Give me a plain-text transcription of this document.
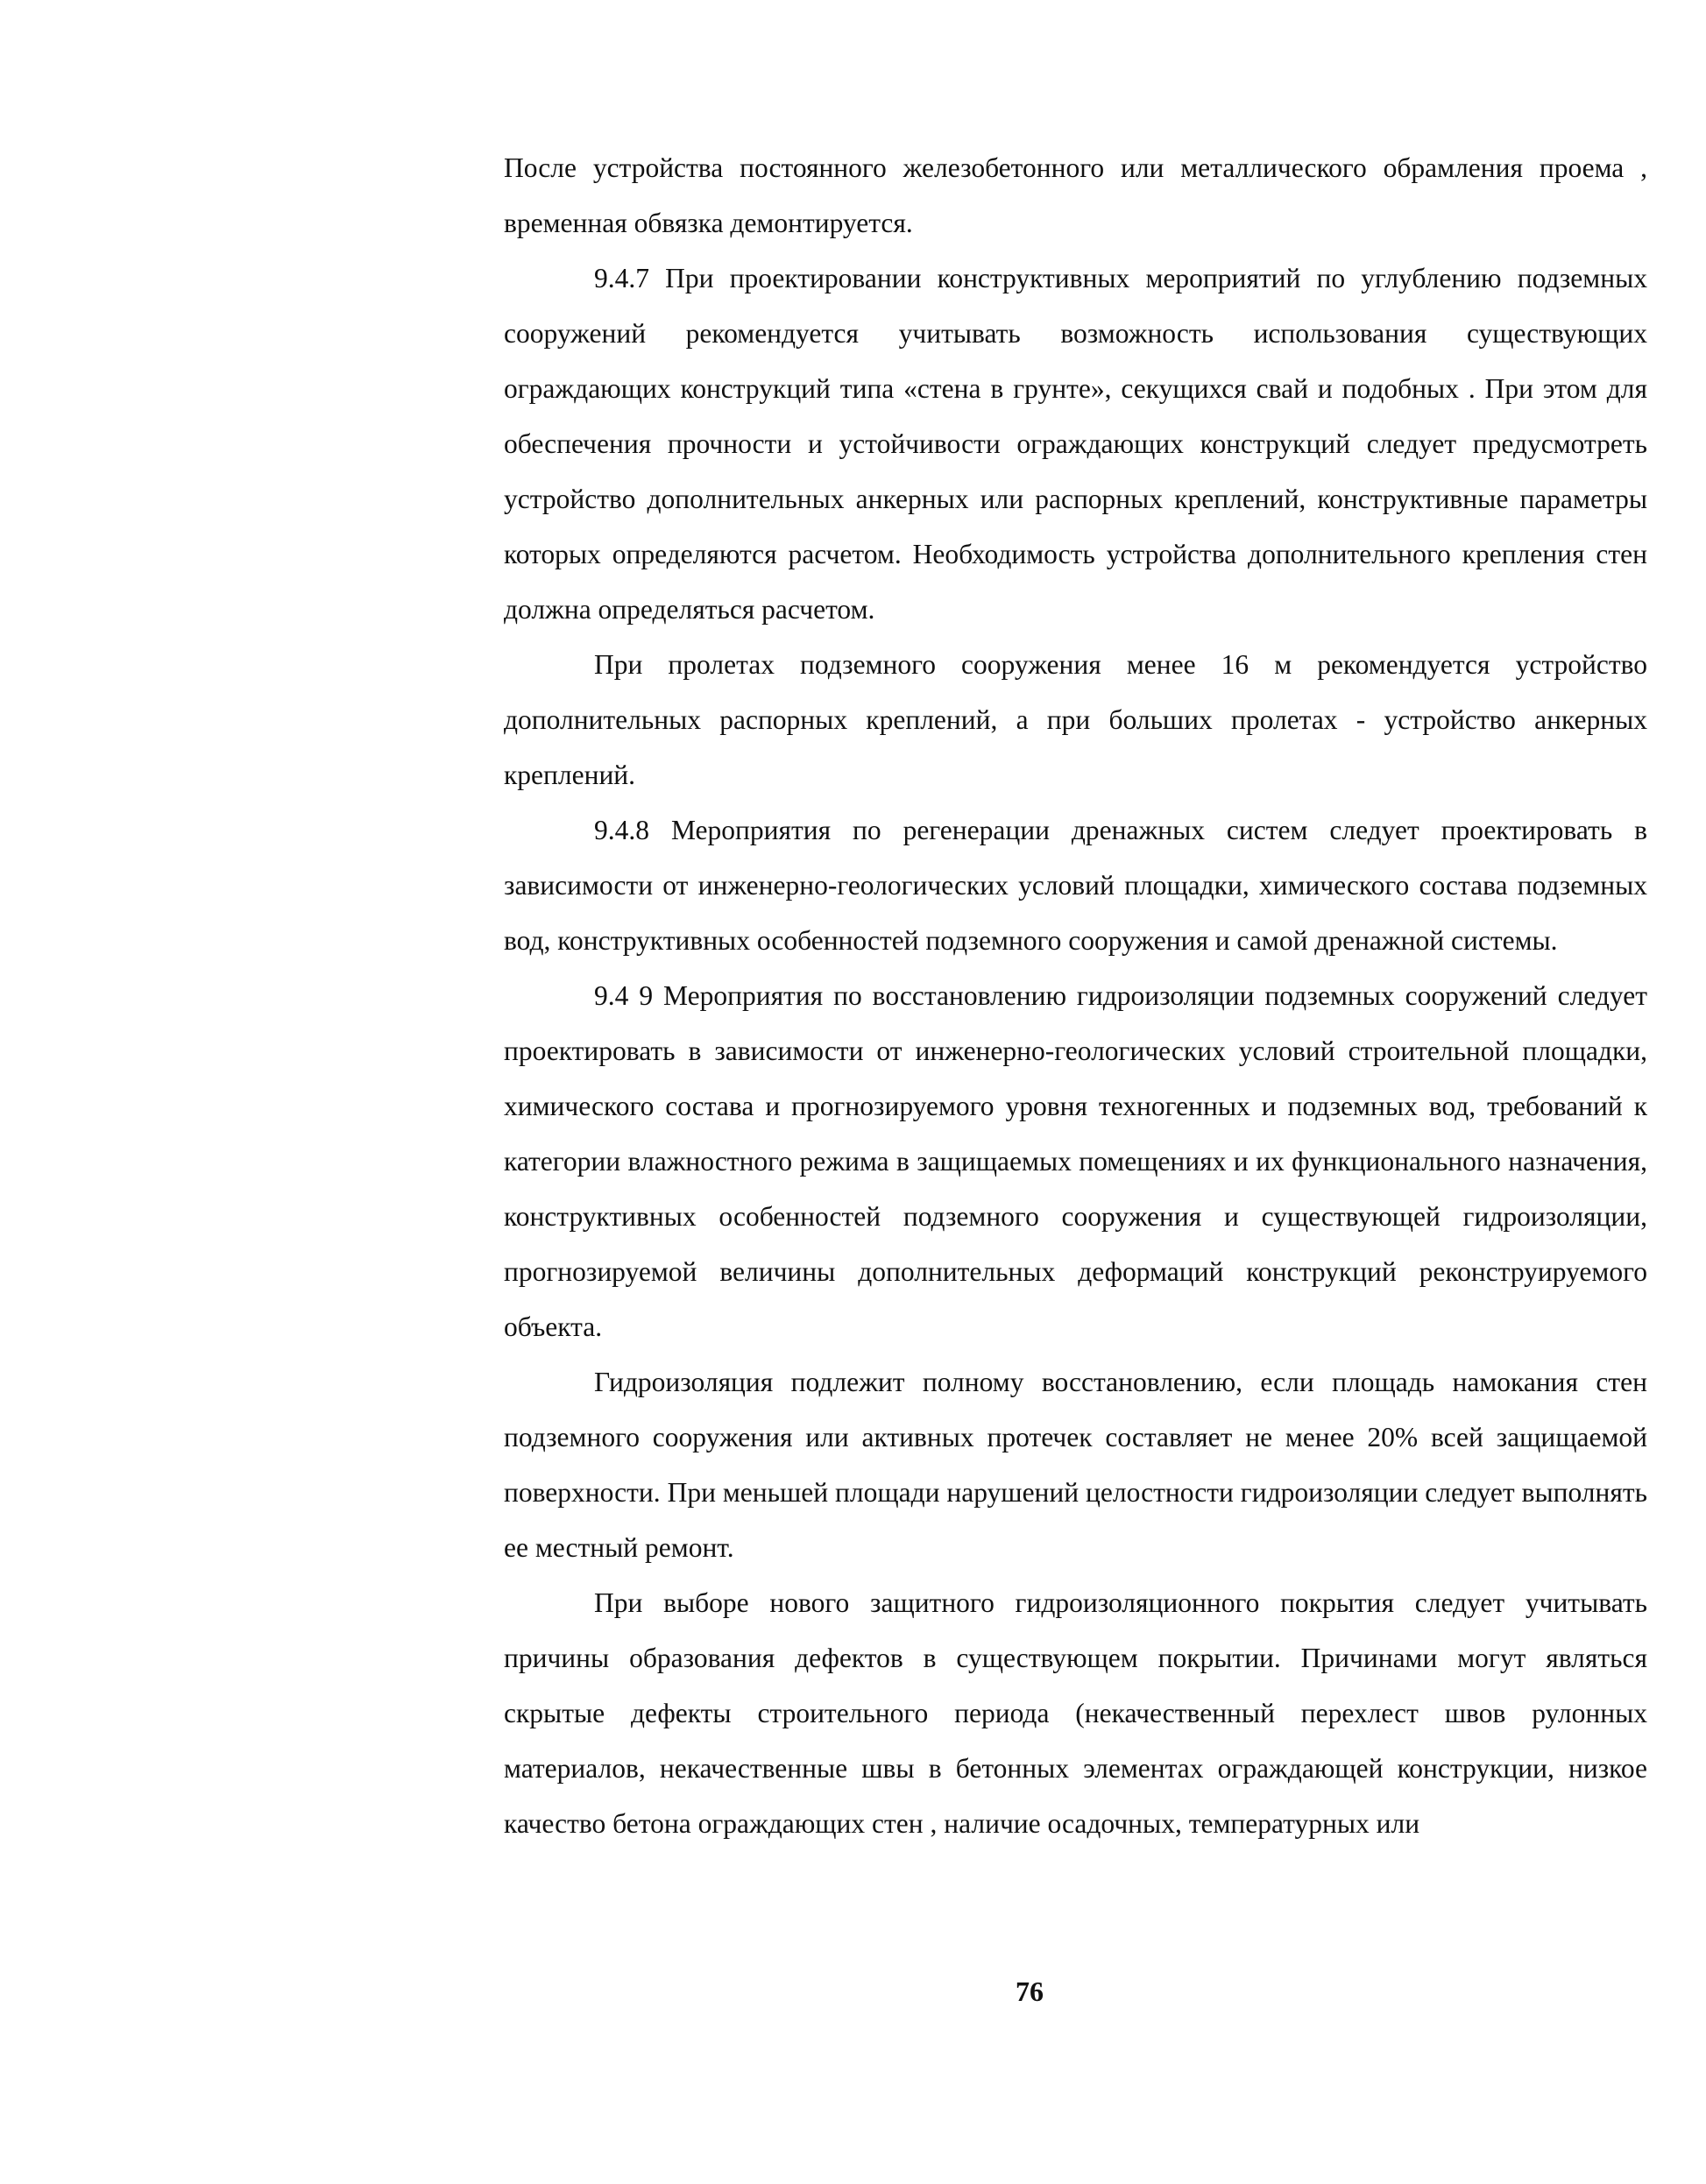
После устройства постоянного железобетонного или металлического обрамления проема , временная обвязка демонтируется.

9.4.7 При проектировании конструктивных мероприятий по углублению подземных сооружений рекомендуется учитывать возможность использования существующих ограждающих конструкций типа «стена в грунте», секущихся свай и подобных . При этом для обеспечения прочности и устойчивости ограждающих конструкций следует предусмотреть устройство дополнительных анкерных или распорных креплений, конструктивные параметры которых определяются расчетом. Необходимость устройства дополнительного крепления стен должна определяться расчетом.

При пролетах подземного сооружения менее 16 м рекомендуется устройство дополнительных распорных креплений, а при больших пролетах - устройство анкерных креплений.

9.4.8 Мероприятия по регенерации дренажных систем следует проектировать в зависимости от инженерно-геологических условий площадки, химического состава подземных вод, конструктивных особенностей подземного сооружения и самой дренажной системы.

9.4 9 Мероприятия по восстановлению гидроизоляции подземных сооружений следует проектировать в зависимости от инженерно-геологических условий строительной площадки, химического состава и прогнозируемого уровня техногенных и подземных вод, требований к категории влажностного режима в защищаемых помещениях и их функционального назначения, конструктивных особенностей подземного сооружения и существующей гидроизоляции, прогнозируемой величины дополнительных деформаций конструкций реконструируемого объекта.

Гидроизоляция подлежит полному восстановлению, если площадь намокания стен подземного сооружения или активных протечек составляет не менее 20% всей защищаемой поверхности. При меньшей площади нарушений целостности гидроизоляции следует выполнять ее местный ремонт.

При выборе нового защитного гидроизоляционного покрытия следует учитывать причины образования дефектов в существующем покрытии. Причинами могут являться скрытые дефекты строительного периода (некачественный перехлест швов рулонных материалов, некачественные швы в бетонных элементах ограждающей конструкции, низкое качество бетона ограждающих стен , наличие осадочных, температурных или

76
